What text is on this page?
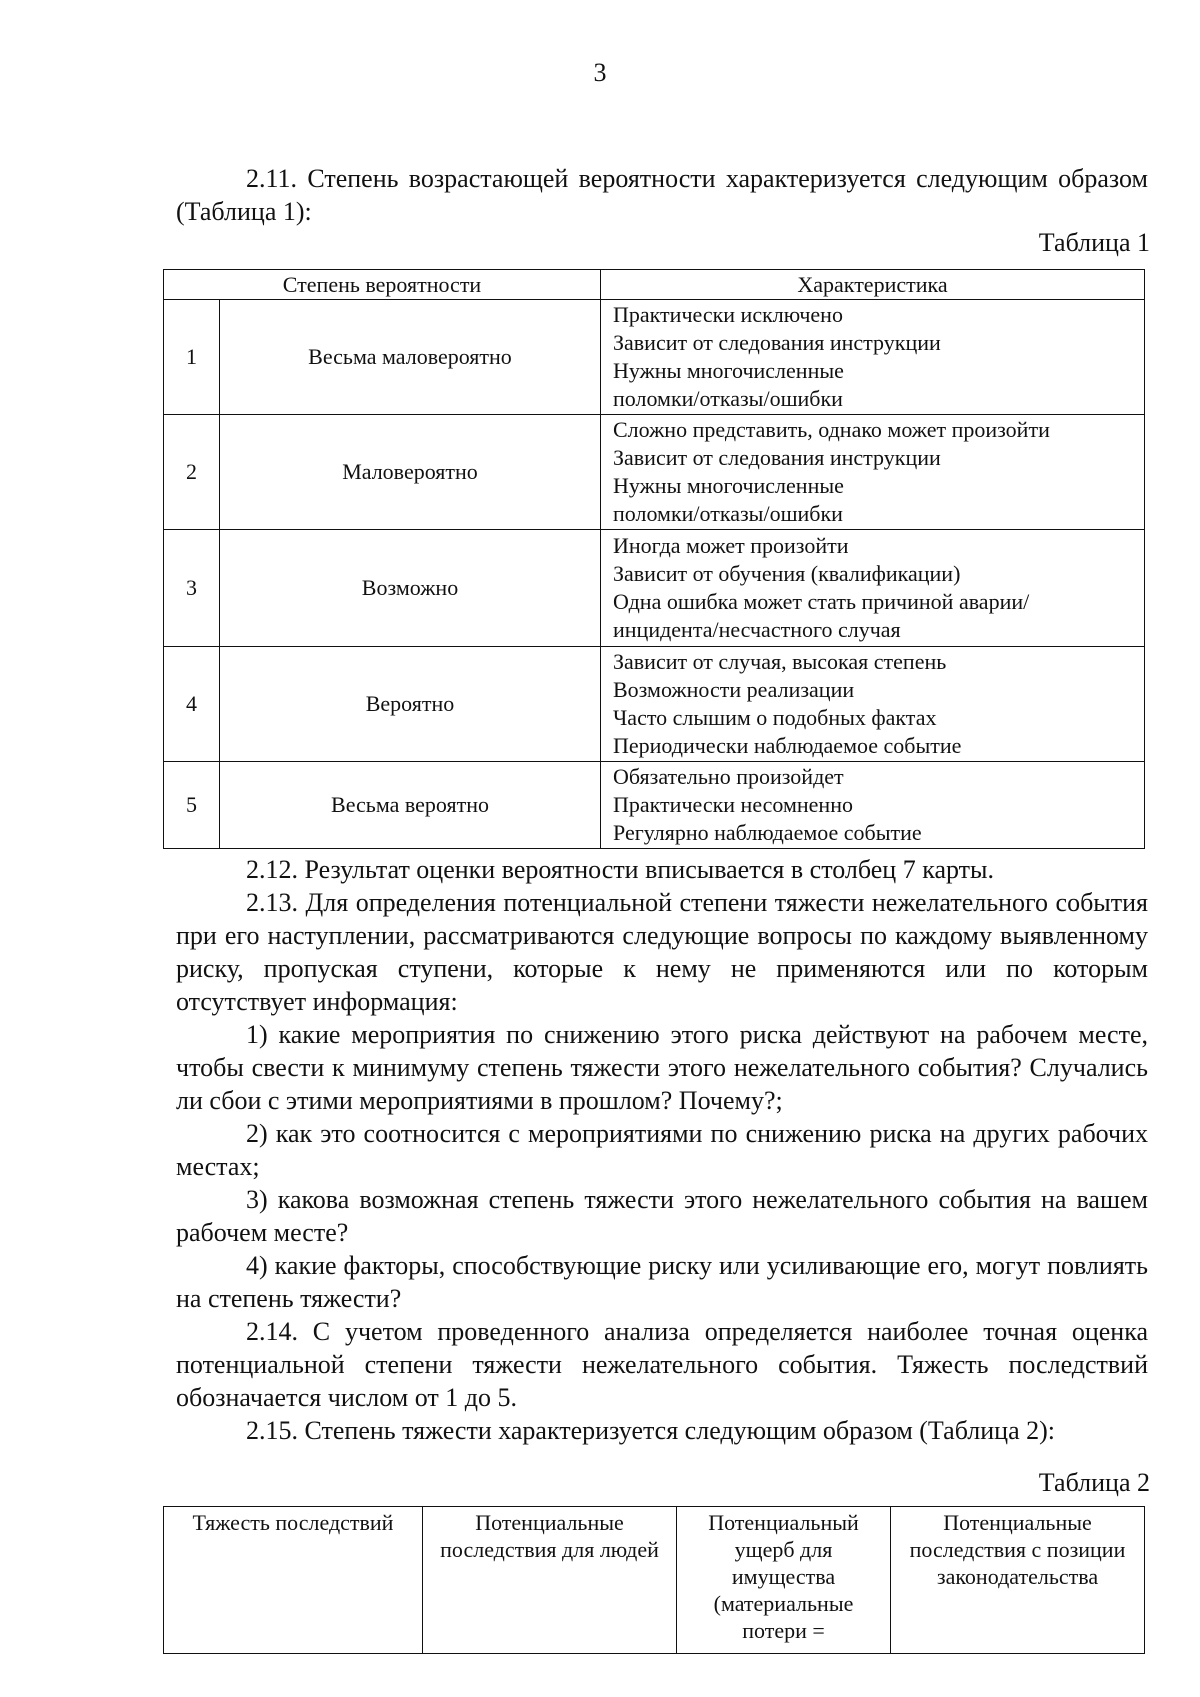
3

2.11. Степень возрастающей вероятности характеризуется следующим образом (Таблица 1):

Таблица 1
Степень вероятности		Характеристика
1	Весьма маловероятно	Практически исключено
Зависит от следования инструкции
Нужны многочисленные
поломки/отказы/ошибки

2	Маловероятно	Сложно представить, однако может произойти
Зависит от следования инструкции
Нужны многочисленные
поломки/отказы/ошибки

3	Возможно	Иногда может произойти
Зависит от обучения (квалификации)
Одна ошибка может стать причиной аварии/
инцидента/несчастного случая

4	Вероятно	Зависит от случая, высокая степень
Возможности реализации
Часто слышим о подобных фактах
Периодически наблюдаемое событие

5	Весьма вероятно	Обязательно произойдет
Практически несомненно
Регулярно наблюдаемое событие

2.12. Результат оценки вероятности вписывается в столбец 7 карты.

2.13. Для определения потенциальной степени тяжести нежелательного события при его наступлении, рассматриваются следующие вопросы по каждому выявленному риску, пропуская ступени, которые к нему не применяются или по которым отсутствует информация:

1) какие мероприятия по снижению этого риска действуют на рабочем месте, чтобы свести к минимуму степень тяжести этого нежелательного события? Случались ли сбои с этими мероприятиями в прошлом? Почему?;

2) как это соотносится с мероприятиями по снижению риска на других рабочих местах;

3) какова возможная степень тяжести этого нежелательного события на вашем рабочем месте?

4) какие факторы, способствующие риску или усиливающие его, могут повлиять на степень тяжести?

2.14. С учетом проведенного анализа определяется наиболее точная оценка потенциальной степени тяжести нежелательного события. Тяжесть последствий обозначается числом от 1 до 5.

2.15. Степень тяжести характеризуется следующим образом (Таблица 2):

Таблица 2
Тяжесть последствий	Потенциальные последствия для людей	Потенциальный ущерб для имущества (материальные потери =	Потенциальные последствия с позиции законодательства
